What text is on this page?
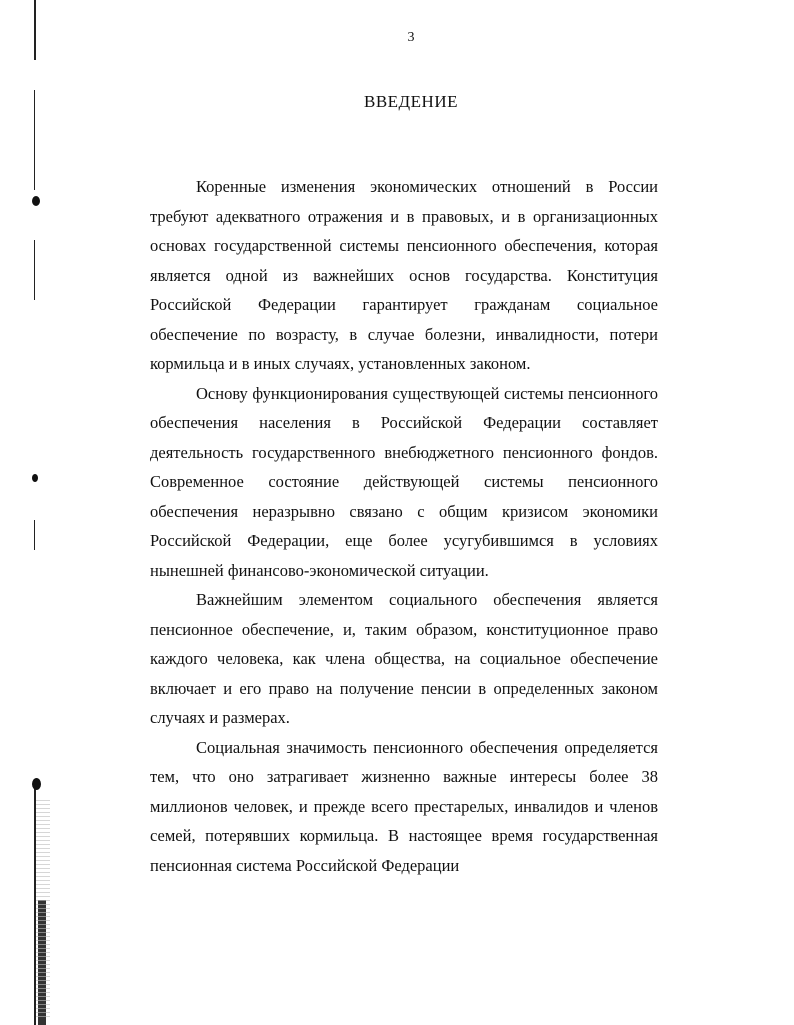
3
ВВЕДЕНИЕ

Коренные изменения экономических отношений в России требуют адекватного отражения и в правовых, и в организационных основах государственной системы пенсионного обеспечения, которая является одной из важнейших основ государства. Конституция Российской Федерации гарантирует гражданам социальное обеспечение по возрасту, в случае болезни, инвалидности, потери кормильца и в иных случаях, установленных законом.

Основу функционирования существующей системы пенсионного обеспечения населения в Российской Федерации составляет деятельность государственного внебюджетного пенсионного фондов. Современное состояние действующей системы пенсионного обеспечения неразрывно связано с общим кризисом экономики Российской Федерации, еще более усугубившимся в условиях нынешней финансово-экономической ситуации.

Важнейшим элементом социального обеспечения является пенсионное обеспечение, и, таким образом, конституционное право каждого человека, как члена общества, на социальное обеспечение включает и его право на получение пенсии в определенных законом случаях и размерах.

Социальная значимость пенсионного обеспечения определяется тем, что оно затрагивает жизненно важные интересы более 38 миллионов человек, и прежде всего престарелых, инвалидов и членов семей, потерявших кормильца. В настоящее время государственная пенсионная система Российской Федерации
